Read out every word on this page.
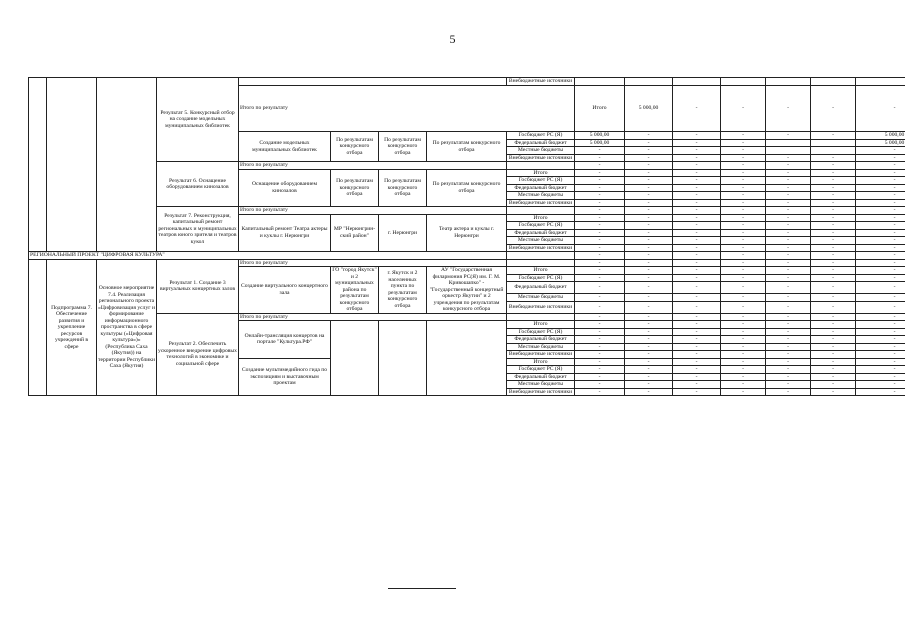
5
			Результат 5. Конкурсный отбор на создание модельных муниципальных библиотек					Внебюджетные источники								
				Итого по результату					Итого	5 000,00	-	-	-	-	-	
				Создание модельных муниципальных библиотек	По результатам конкурсного отбора	По результатам конкурсного отбора	По результатам конкурсного отбора	Госбюджет РС (Я)	5 000,00	-	-	-	-	-	5 000,00	
								Федеральный бюджет	5 000,00	-	-	-			5 000,00	
								Местные бюджеты	-	-	-	-			-	
								Внебюджетные источники	-	-	-	-	-	-	-	
			Результат 6. Оснащение оборудованием кинозалов	Итого по результату					-	-	-	-	-	-	-	
				Оснащение оборудованием кинозалов	По результатам конкурсного отбора	По результатам конкурсного отбора	По результатам конкурсного отбора	Итого	-	-	-	-	-	-	-	
								Госбюджет РС (Я)	-	-	-	-	-	-	-	
								Федеральный бюджет	-	-	-	-	-	-	-	

								Местные бюджеты	-	-	-	-	-	-	-	
								Внебюджетные источники	-	-	-	-	-	-	-	
			Результат 7. Реконструкция, капитальный ремонт региональных и муниципальных театров юного зрителя и театров кукол	Итого по результату					-	-	-	-	-	-	-	
				Капитальный ремонт Театра актеры и куклы г. Нерюнгри	МР "Нерюнгрин-ский район"	г. Нерюнгри	Театр актера и куклы г. Нерюнгри	Итого	-	-	-	-	-	-	-	
								Госбюджет РС (Я)	-	-	-	-	-	-	-	
								Федеральный бюджет	-	-	-	-	-	-	-	

								Местные бюджеты	-	-	-	-	-	-	-	
								Внебюджетные источники	-	-	-	-	-	-	-	

РЕГИОНАЛЬНЫЙ ПРОЕКТ "ЦИФРОВАЯ КУЛЬТУРА"									-	-	-	-	-	-	-	
	Подпрограмма 7. Обеспечение развития и укрепление ресурсов учреждений в сфере	Основное мероприятие 7.4. Реализация регионального проекта «Цифровизация услуг и формирование информационного пространства в сфере культуры («Цифровая культура»)» (Республика Саха (Якутия)) на территории Республики Саха (Якутия)	Результат 1. Создание 3 виртуальных концертных залов	Итого по результату					-	-	-	-	-	-	-	
				Создание виртуального концертного зала	ГО "город Якутск" и 2 муниципальных района по результатам конкурсного отбора	г. Якутск и 2 населенных пункта по результатам конкурсного отбора	АУ "Государственная филармония РС(Я) им. Г. М. Кривошапко" - "Государственный концертный оркестр Якутии" и 2 учреждения по результатам конкурсного отбора	Итого	-	-	-	-	-	-	-	
								Госбюджет РС (Я)	-	-	-	-	-	-	-	
								Федеральный бюджет	-	-	-	-	-	-	-	

								Местные бюджеты	-	-	-	-	-	-	-	
								Внебюджетные источники	-	-	-	-	-	-	-	

			Результат 2. Обеспечить ускоренное внедрение цифровых технологий в экономике и социальной сфере	Итого по результату					-	-	-	-	-	-	-	
				Онлайн-трансляция концертов на портале "Культура.РФ"				Итого	-	-	-	-	-	-	-	
								Госбюджет РС (Я)	-	-	-	-	-	-	-	
								Федеральный бюджет	-	-	-	-	-	-	-	

								Местные бюджеты	-	-	-	-	-	-	-	
								Внебюджетные источники	-	-	-	-	-	-	-	

				Создание мультимедийного гида по экспозициям и выставочным проектам				Итого	-	-	-	-	-	-	-	
								Госбюджет РС (Я)	-	-	-	-	-	-	-	
								Федеральный бюджет	-	-	-	-	-	-	-	

								Местные бюджеты	-	-	-	-	-	-	-	
								Внебюджетные источники	-	-	-	-	-	-	-	
